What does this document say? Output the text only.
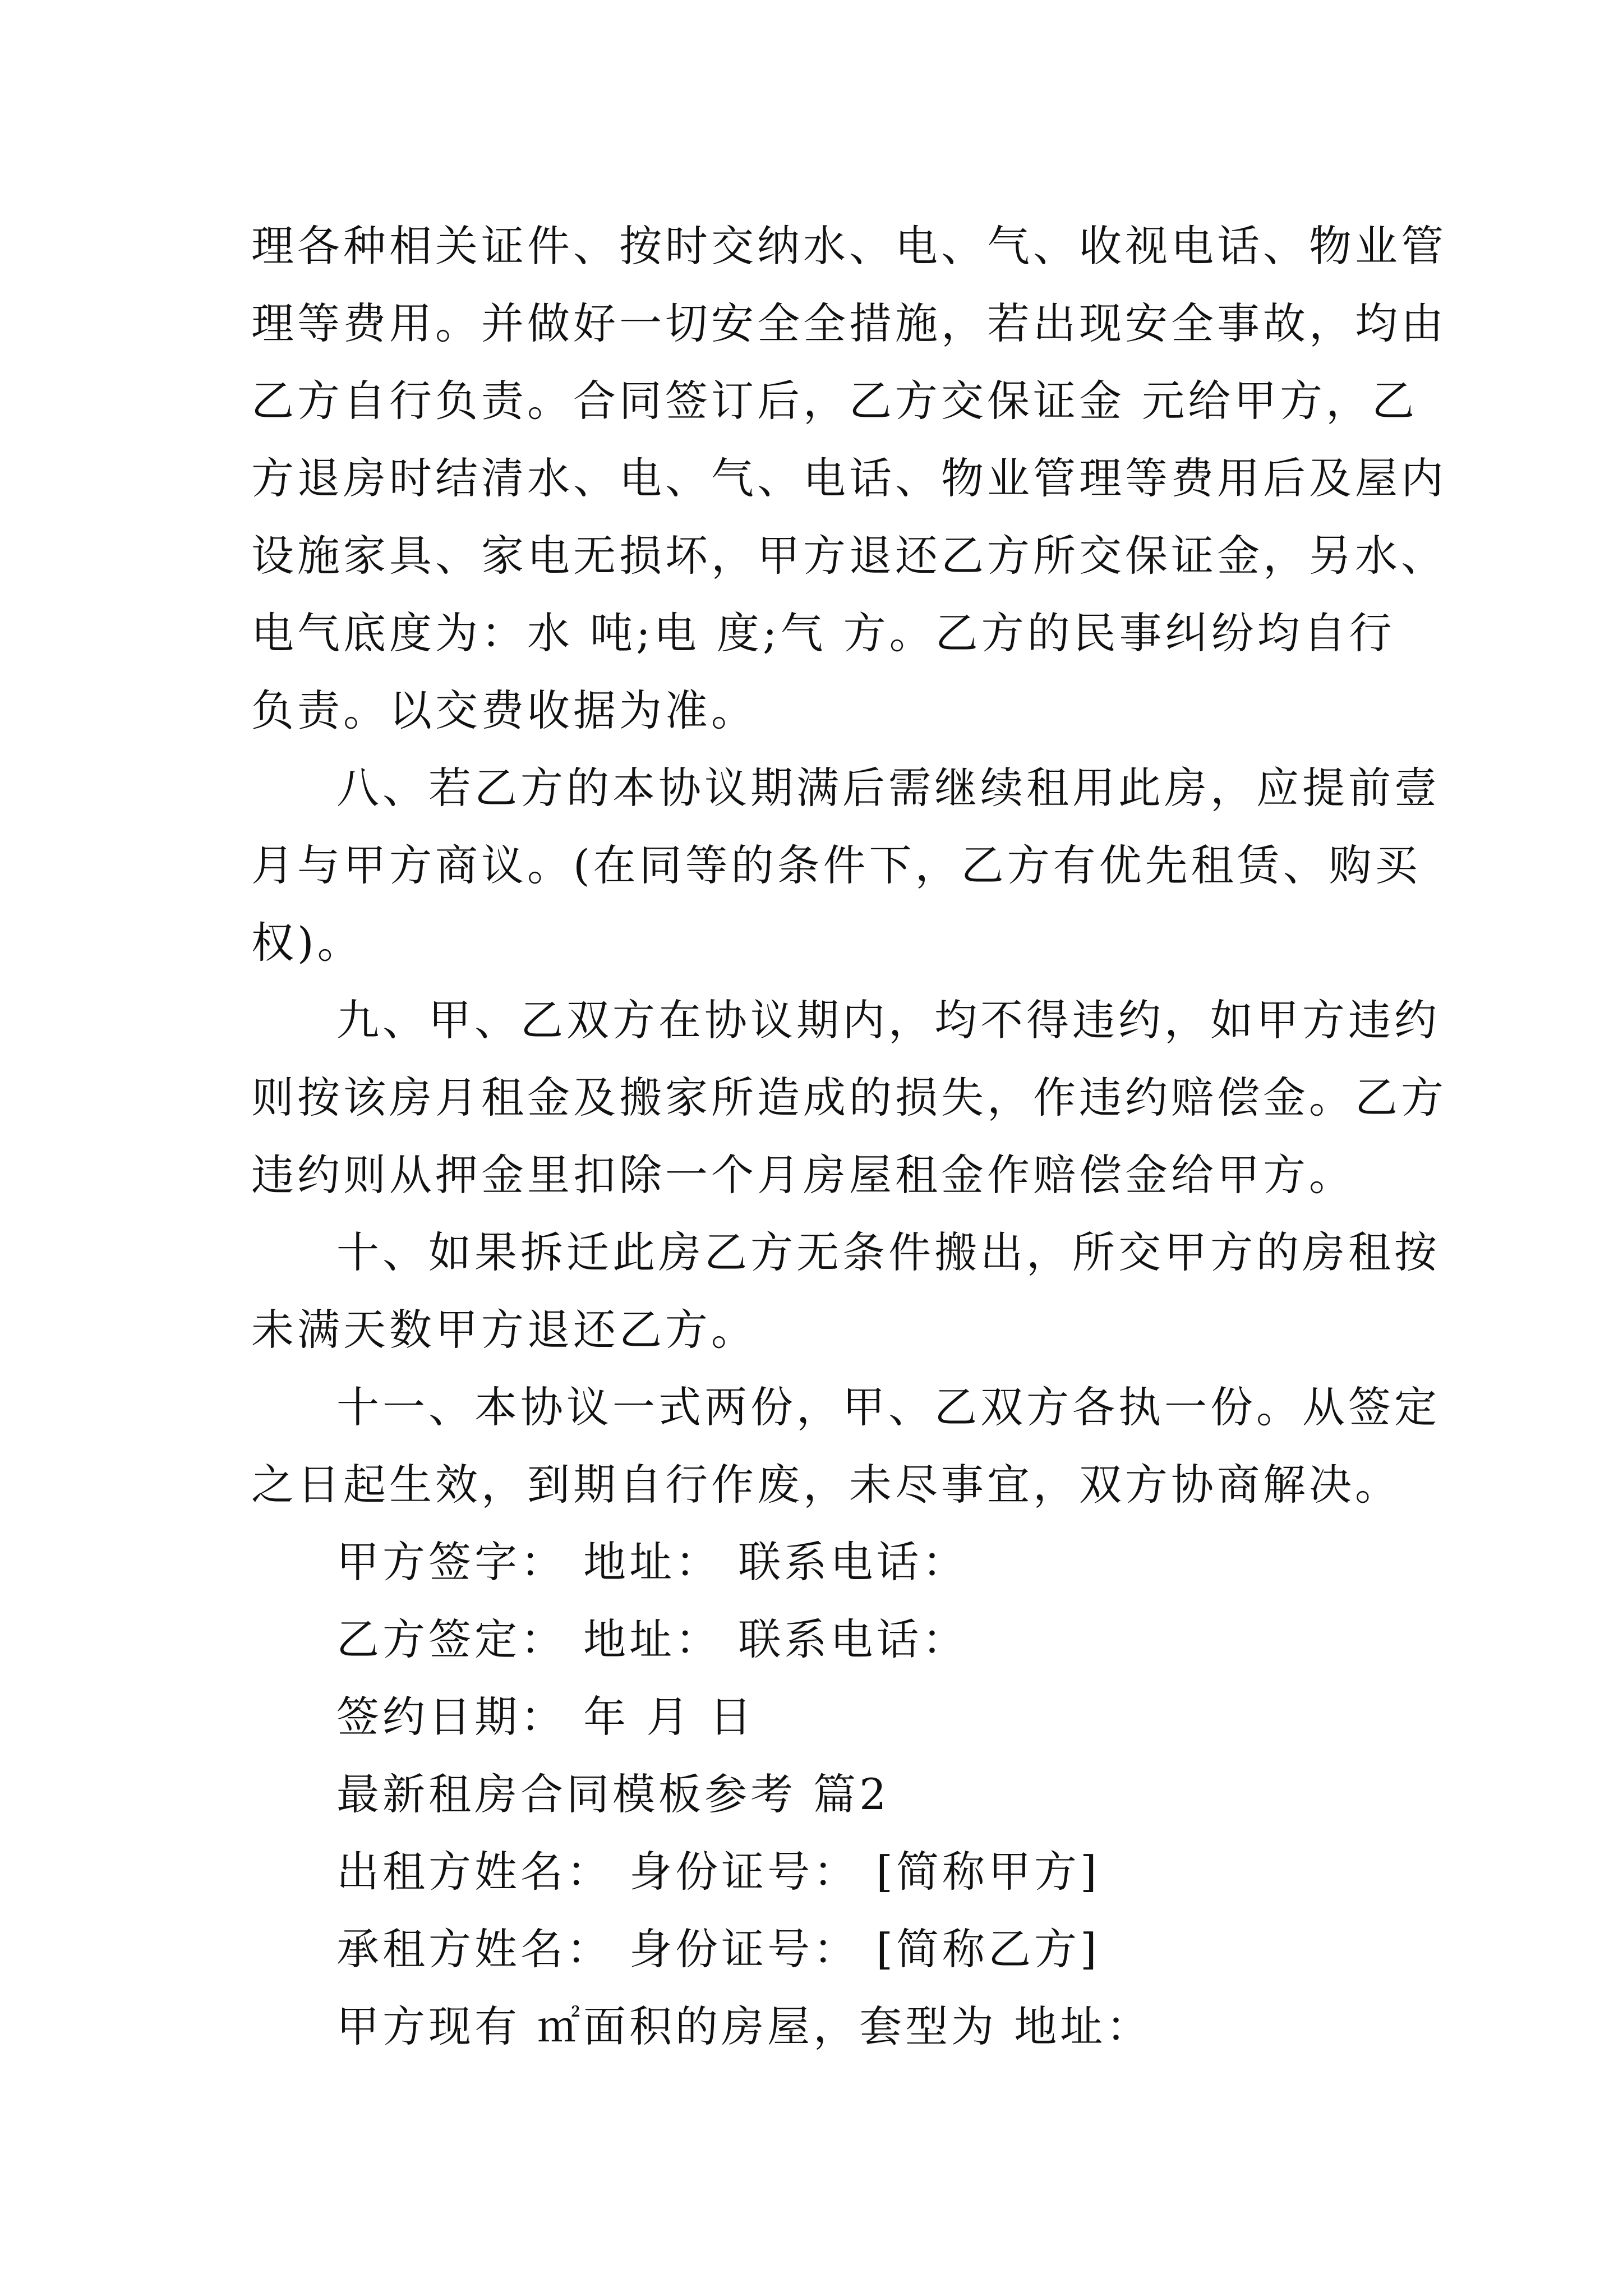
理各种相关证件、按时交纳水、电、气、收视电话、物业管
理等费用。并做好一切安全全措施，若出现安全事故，均由
乙方自行负责。合同签订后，乙方交保证金 元给甲方，乙
方退房时结清水、电、气、电话、物业管理等费用后及屋内
设施家具、家电无损坏，甲方退还乙方所交保证金，另水、
电气底度为：水 吨;电 度;气 方。乙方的民事纠纷均自行
负责。以交费收据为准。
八、若乙方的本协议期满后需继续租用此房，应提前壹
月与甲方商议。(在同等的条件下，乙方有优先租赁、购买
权)。
九、甲、乙双方在协议期内，均不得违约，如甲方违约
则按该房月租金及搬家所造成的损失，作违约赔偿金。乙方
违约则从押金里扣除一个月房屋租金作赔偿金给甲方。
十、如果拆迁此房乙方无条件搬出，所交甲方的房租按
未满天数甲方退还乙方。
十一、本协议一式两份，甲、乙双方各执一份。从签定
之日起生效，到期自行作废，未尽事宜，双方协商解决。
甲方签字： 地址： 联系电话：
乙方签定： 地址： 联系电话：
签约日期： 年 月 日
最新租房合同模板参考 篇2
出租方姓名： 身份证号： [简称甲方]
承租方姓名： 身份证号： [简称乙方]
甲方现有 ㎡面积的房屋，套型为 地址：
